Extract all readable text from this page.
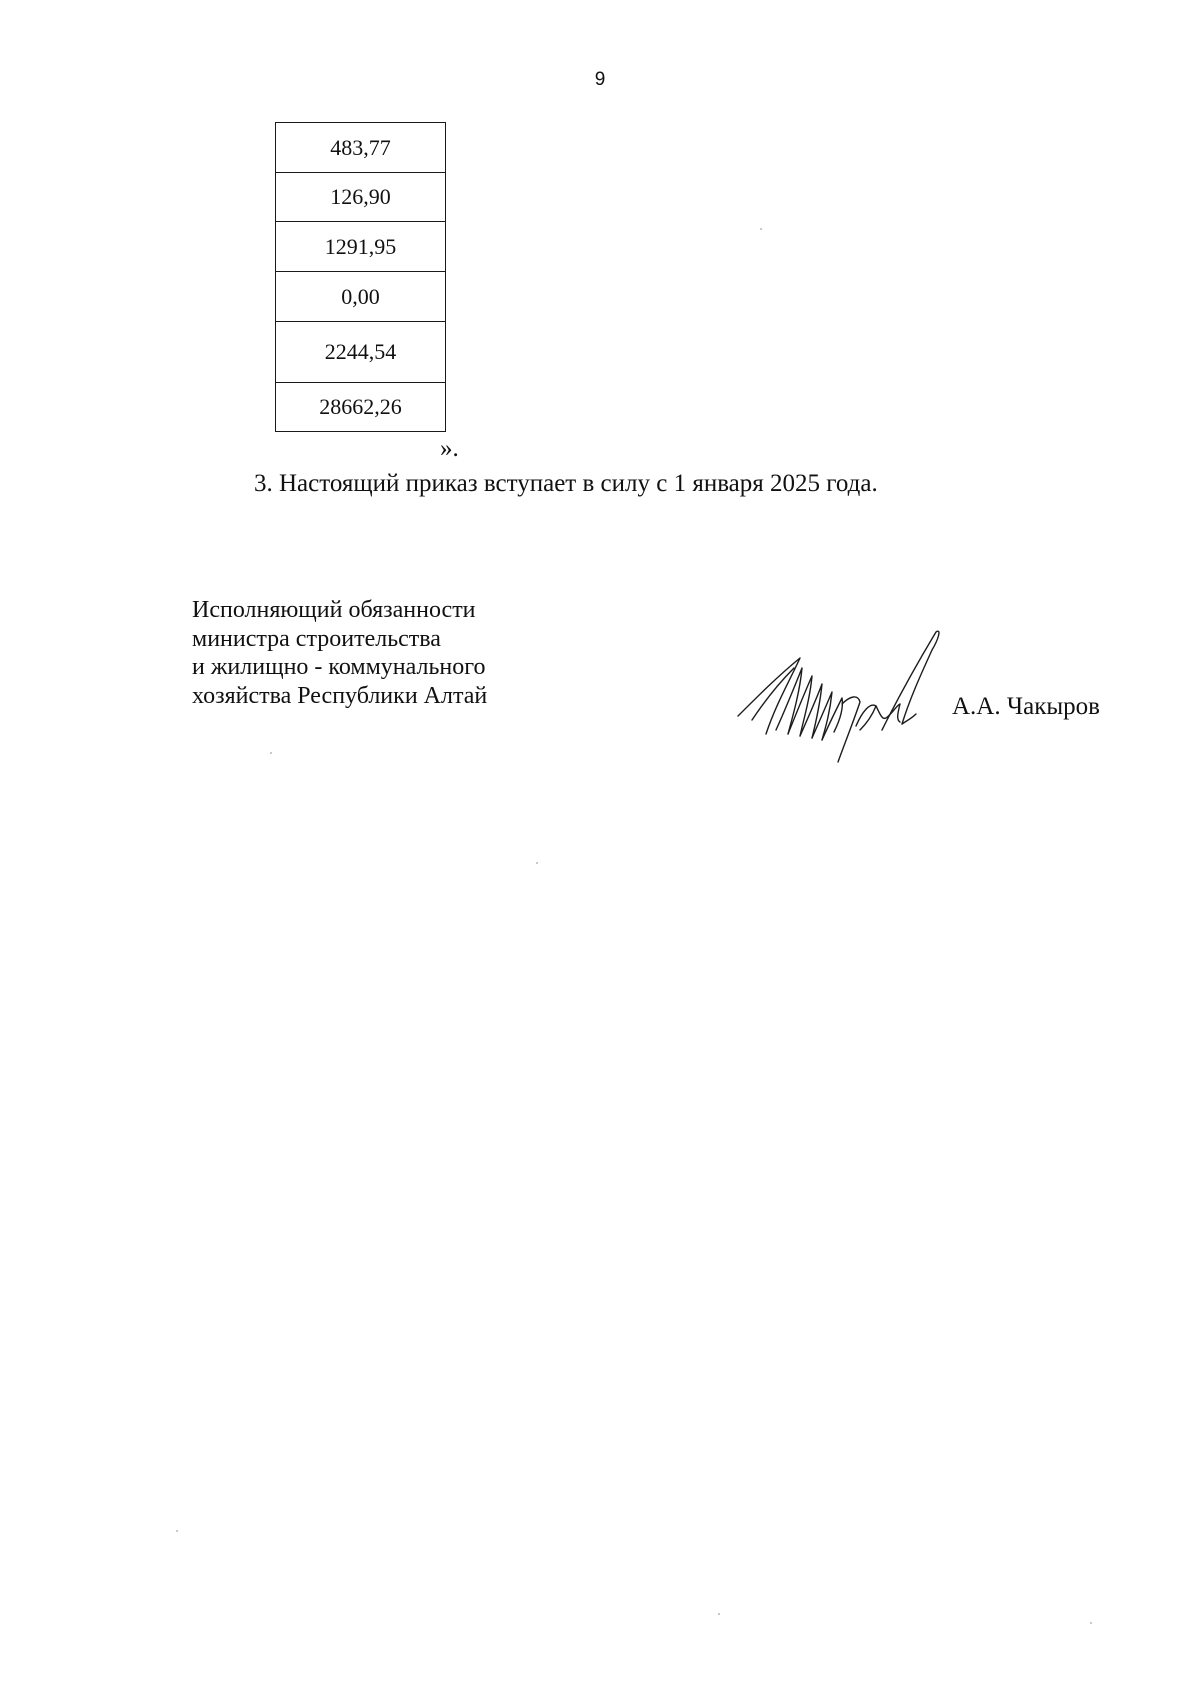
9
483,77
126,90
1291,95
0,00
2244,54
28662,26
».
3. Настоящий приказ вступает в силу с 1 января 2025 года.
Исполняющий обязанности
министра строительства
и жилищно - коммунального
хозяйства Республики Алтай	А.А. Чакыров
